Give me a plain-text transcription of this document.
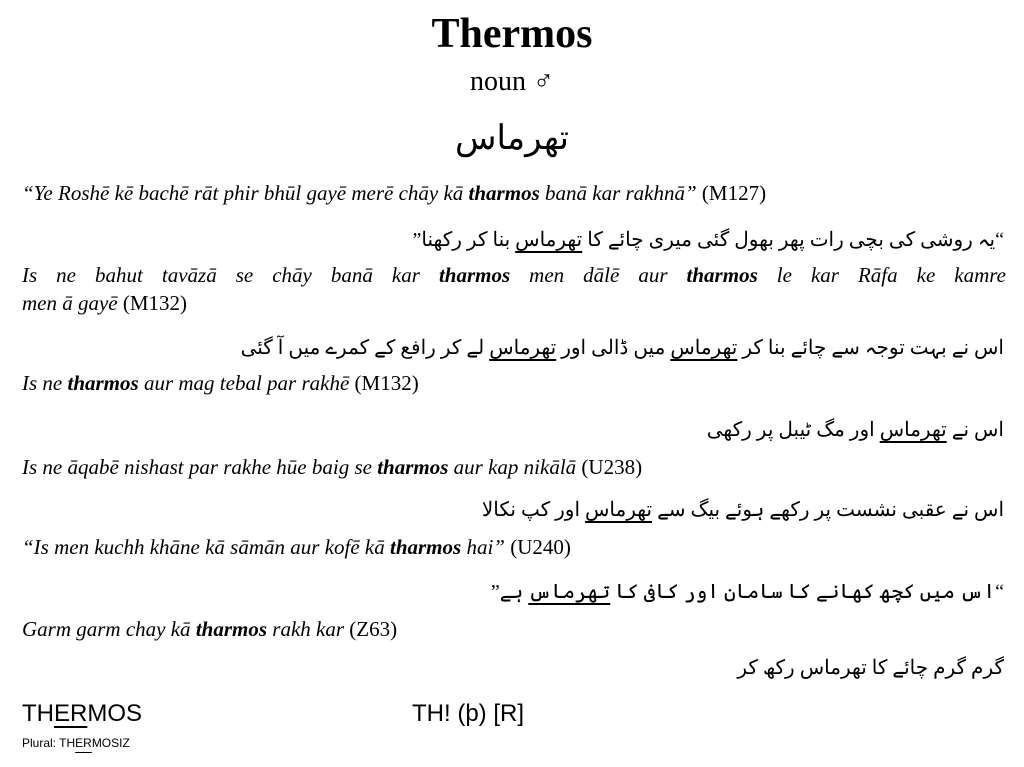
Thermos
noun ♂
تھرماس
“Ye Roshē kē bachē rāt phir bhūl gayē merē chāy kā tharmos banā kar rakhnā” (M127)
“یہ روشی کی بچی رات پھر بھول گئی میری چائے کا تھرماس بنا کر رکھنا”
Is ne bahut tavāzā se chāy banā kar tharmos men dālē aur tharmos le kar Rāfa ke kamre
men ā gayē (M132)
اس نے بہت توجہ سے چائے بنا کر تھرماس میں ڈالی اور تھرماس لے کر رافع کے کمرے میں آ گئی
Is ne tharmos aur mag tebal par rakhē (M132)
اس نے تھرماس اور مگ ٹیبل پر رکھی
Is ne āqabē nishast par rakhe hūe baig se tharmos aur kap nikālā (U238)
اس نے عقبی نشست پر رکھے ہوئے بیگ سے تھرماس اور کپ نکالا
“Is men kuchh khāne kā sāmān aur kofē kā tharmos hai” (U240)
“اس میں کچھ کھانے کا سامان اور کافی کا تھرماس ہے”
Garm garm chay kā tharmos rakh kar (Z63)
گرم گرم چائے کا تھرماس رکھ کر
THERMOS
Plural: THERMOSIZ
TH! (þ) [R]
